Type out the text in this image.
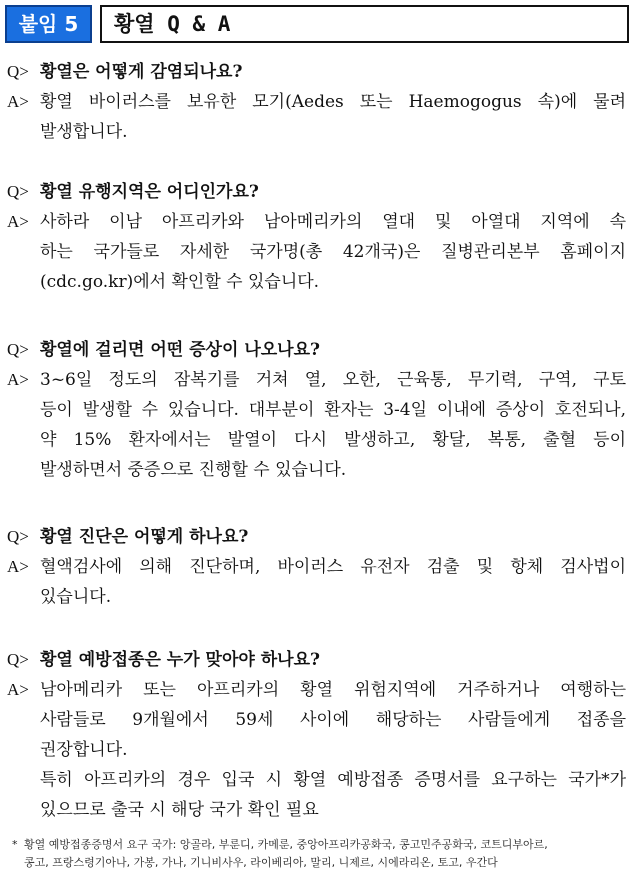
붙임 5	황열 Q & A
Q> 황열은 어떻게 감염되나요?
A> 황열 바이러스를 보유한 모기(Aedes 또는 Haemogogus 속)에 물려
발생합니다.
Q> 황열 유행지역은 어디인가요?
A> 사하라 이남 아프리카와 남아메리카의 열대 및 아열대 지역에 속
하는 국가들로 자세한 국가명(총 42개국)은 질병관리본부 홈페이지
(cdc.go.kr)에서 확인할 수 있습니다.
Q> 황열에 걸리면 어떤 증상이 나오나요?
A> 3~6일 정도의 잠복기를 거쳐 열, 오한, 근육통, 무기력, 구역, 구토
등이 발생할 수 있습니다. 대부분이 환자는 3-4일 이내에 증상이 호전되나,
약 15% 환자에서는 발열이 다시 발생하고, 황달, 복통, 출혈 등이
발생하면서 중증으로 진행할 수 있습니다.
Q> 황열 진단은 어떻게 하나요?
A> 혈액검사에 의해 진단하며, 바이러스 유전자 검출 및 항체 검사법이
있습니다.
Q> 황열 예방접종은 누가 맞아야 하나요?
A> 남아메리카 또는 아프리카의 황열 위험지역에 거주하거나 여행하는
사람들로 9개월에서 59세 사이에 해당하는 사람들에게 접종을
권장합니다.
특히 아프리카의 경우 입국 시 황열 예방접종 증명서를 요구하는 국가*가
있으므로 출국 시 해당 국가 확인 필요
* 황열 예방접종증명서 요구 국가: 앙골라, 부룬디, 카메룬, 중앙아프리카공화국, 콩고민주공화국, 코트디부아르,
콩고, 프랑스령기아나, 가봉, 가나, 기니비사우, 라이베리아, 말리, 니제르, 시에라리온, 토고, 우간다
